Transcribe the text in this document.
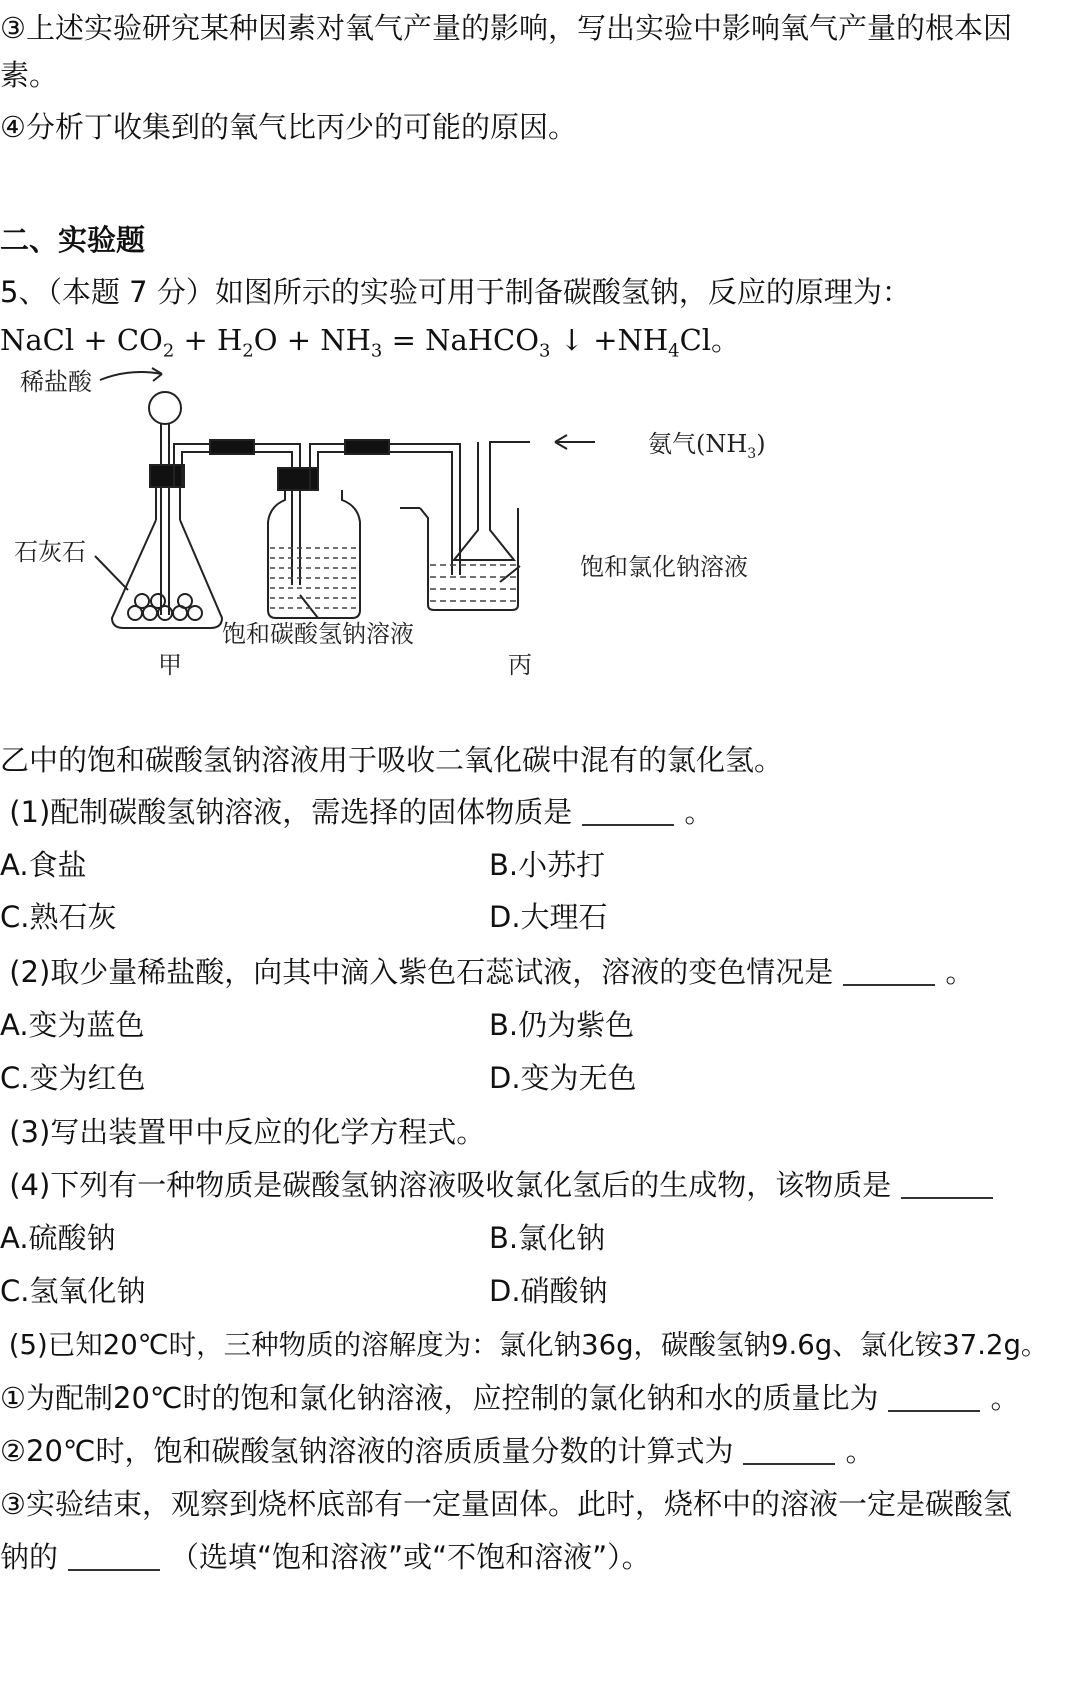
③上述实验研究某种因素对氧气产量的影响，写出实验中影响氧气产量的根本因
素。
④分析丁收集到的氧气比丙少的可能的原因。
二、实验题
5、（本题 7 分）如图所示的实验可用于制备碳酸氢钠，反应的原理为：
NaCl + $CO_2 + H_2O + NH_3$ = NaHCO$_3$ ↓ $+NH_4Cl$。
稀盐酸
氨气$(NH_3)$
石灰石
饱和氯化钠溶液
饱和碳酸氢钠溶液
甲	丙
乙中的饱和碳酸氢钠溶液用于吸收二氧化碳中混有的氯化氢。
(1)配制碳酸氢钠溶液，需选择的固体物质是	。
A.食盐	B.小苏打
C.熟石灰	D.大理石
(2)取少量稀盐酸，向其中滴入紫色石蕊试液，溶液的变色情况是	。
A.变为蓝色	B.仍为紫色
C.变为红色	D.变为无色
(3)写出装置甲中反应的化学方程式。
(4)下列有一种物质是碳酸氢钠溶液吸收氯化氢后的生成物，该物质是
A.硫酸钠	B.氯化钠
C.氢氧化钠	D.硝酸钠
(5)已知20℃时，三种物质的溶解度为：氯化钠36g，碳酸氢钠9.6g、氯化铵37.2g。
①为配制20℃时的饱和氯化钠溶液，应控制的氯化钠和水的质量比为	。
②20℃时，饱和碳酸氢钠溶液的溶质质量分数的计算式为	。
③实验结束，观察到烧杯底部有一定量固体。此时，烧杯中的溶液一定是碳酸氢
钠的	（选填“饱和溶液”或“不饱和溶液”）。
